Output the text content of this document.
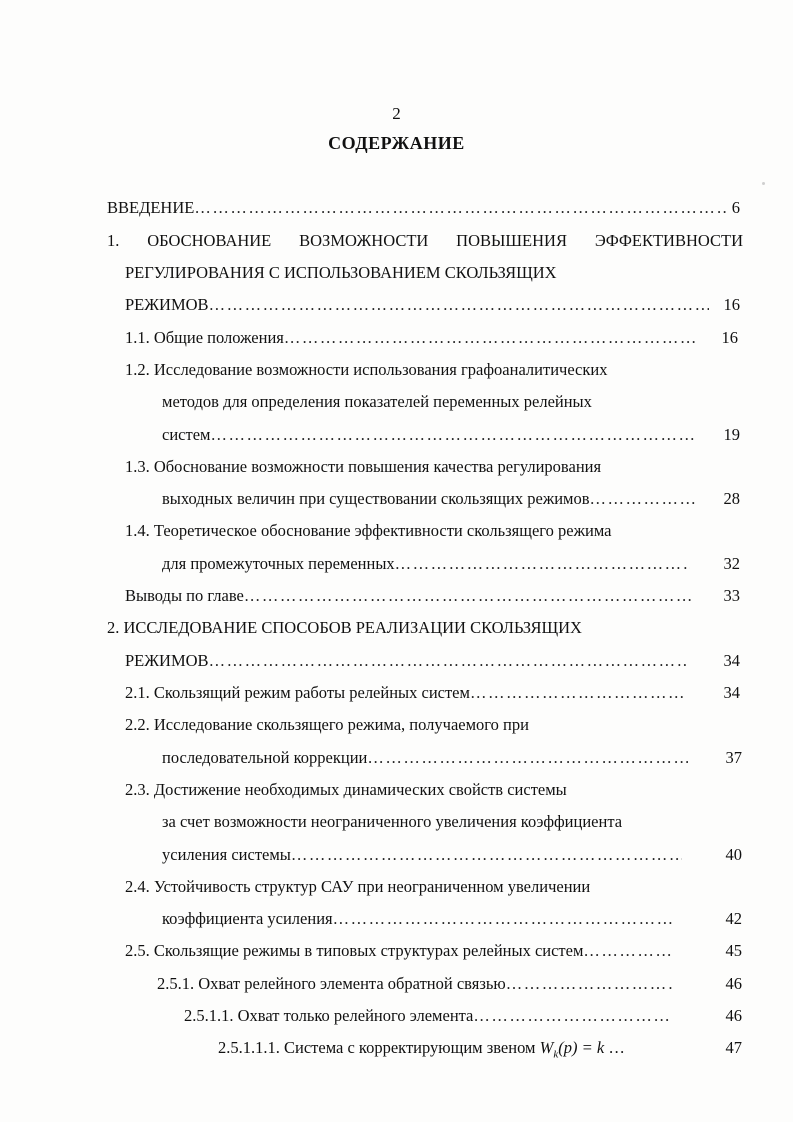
2
СОДЕРЖАНИЕ
ВВЕДЕНИЕ …………………………………………………………………………………………………………………………………………………………………………………………………………	6
1. ОБОСНОВАНИЕ ВОЗМОЖНОСТИ ПОВЫШЕНИЯ ЭФФЕКТИВНОСТИ
РЕГУЛИРОВАНИЯ С ИСПОЛЬЗОВАНИЕМ СКОЛЬЗЯЩИХ
РЕЖИМОВ …………………………………………………………………………………………………………………………………………………………………………………………………………	16
1.1. Общие положения …………………………………………………………………………………………………………………………………………………………………………………………………………	16
1.2. Исследование возможности использования графоаналитических
методов для определения показателей переменных релейных
систем …………………………………………………………………………………………………………………………………………………………………………………………………………	19
1.3. Обоснование возможности повышения качества регулирования
выходных величин при существовании скользящих режимов …………………………………………………………………………………………………………………………………………………………………………………………………………	28
1.4. Теоретическое обоснование эффективности скользящего режима
для промежуточных переменных …………………………………………………………………………………………………………………………………………………………………………………………………………	32
Выводы по главе …………………………………………………………………………………………………………………………………………………………………………………………………………	33
2. ИССЛЕДОВАНИЕ СПОСОБОВ РЕАЛИЗАЦИИ СКОЛЬЗЯЩИХ
РЕЖИМОВ …………………………………………………………………………………………………………………………………………………………………………………………………………	34
2.1. Скользящий режим работы релейных систем …………………………………………………………………………………………………………………………………………………………………………………………………………	34
2.2. Исследование скользящего режима, получаемого при
последовательной коррекции …………………………………………………………………………………………………………………………………………………………………………………………………………	37
2.3. Достижение необходимых динамических свойств системы
за счет возможности неограниченного увеличения коэффициента
усиления системы …………………………………………………………………………………………………………………………………………………………………………………………………………	40
2.4. Устойчивость структур САУ при неограниченном увеличении
коэффициента усиления …………………………………………………………………………………………………………………………………………………………………………………………………………	42
2.5. Скользящие режимы в типовых структурах релейных систем …………………………………………………………………………………………………………………………………………………………………………………………………………	45
2.5.1. Охват релейного элемента обратной связью …………………………………………………………………………………………………………………………………………………………………………………………………………	46
2.5.1.1. Охват только релейного элемента …………………………………………………………………………………………………………………………………………………………………………………………………………	46
2.5.1.1.1. Система с корректирующим звеном $W_k(p) = k$ …	47
